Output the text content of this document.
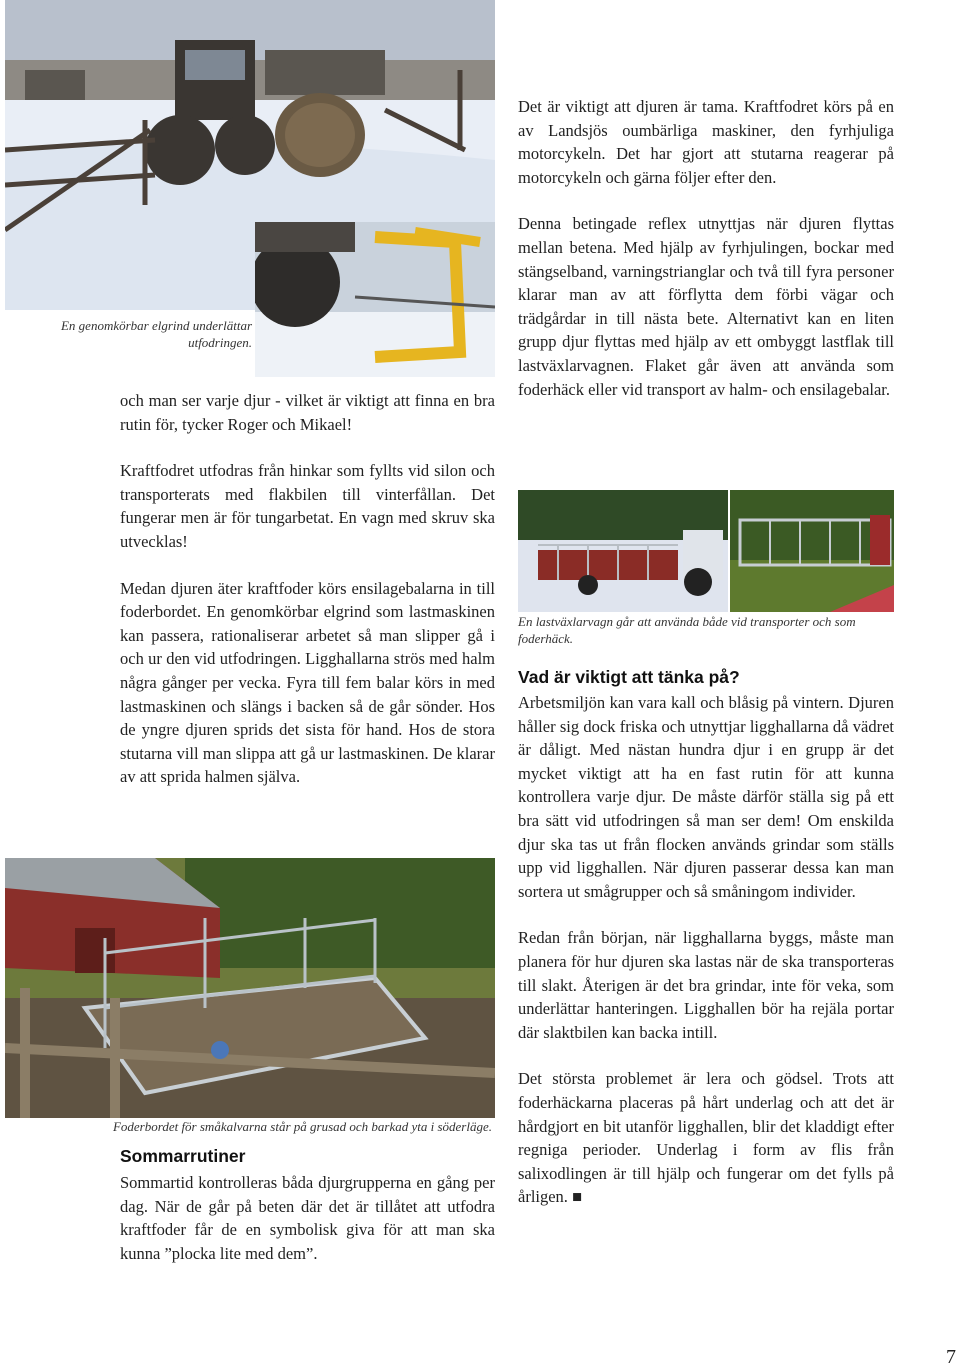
En genomkörbar elgrind underlättar utfodringen.

och man ser varje djur - vilket är viktigt att finna en bra rutin för, tycker Roger och Mikael!

Kraftfodret utfodras från hinkar som fyllts vid silon och transporterats med flakbilen till vinterfållan. Det fungerar men är för tungarbetat. En vagn med skruv ska utvecklas!

Medan djuren äter kraftfoder körs ensilagebalarna in till foderbordet. En genomkörbar elgrind som lastmaskinen kan passera, rationaliserar arbetet så man slipper gå i och ur den vid utfodringen. Ligghallarna strös med halm några gånger per vecka. Fyra till fem balar körs in med lastmaskinen och slängs i backen så de går sönder. Hos de yngre djuren sprids det sista för hand. Hos de stora stutarna vill man slippa att gå ur lastmaskinen. De klarar av att sprida halmen själva.

Foderbordet för småkalvarna står på grusad och barkad yta i söderläge.
Sommarrutiner
Sommartid kontrolleras båda djurgrupperna en gång per dag. När de går på beten där det är tillåtet att utfodra kraftfoder får de en symbolisk giva för att man ska kunna ”plocka lite med dem”.

Det är viktigt att djuren är tama. Kraftfodret körs på en av Landsjös oumbärliga maskiner, den fyrhjuliga motorcykeln. Det har gjort att stutarna reagerar på motorcykeln och gärna följer efter den.

Denna betingade reflex utnyttjas när djuren flyttas mellan betena. Med hjälp av fyrhjulingen, bockar med stängselband, varningstrianglar och två till fyra personer klarar man av att förflytta dem förbi vägar och trädgårdar in till nästa bete. Alternativt kan en liten grupp djur flyttas med hjälp av ett ombyggt lastflak till lastväxlarvagnen. Flaket går även att använda som foderhäck eller vid transport av halm- och ensilagebalar.

En lastväxlarvagn går att använda både vid transporter och som foderhäck.
Vad är viktigt att tänka på?

Arbetsmiljön kan vara kall och blåsig på vintern. Djuren håller sig dock friska och utnyttjar ligghallarna då vädret är dåligt. Med nästan hundra djur i en grupp är det mycket viktigt att ha en fast rutin för att kunna kontrollera varje djur. De måste därför ställa sig på ett bra sätt vid utfodringen så man ser dem! Om enskilda djur ska tas ut från flocken används grindar som ställs upp vid ligghallen. När djuren passerar dessa kan man sortera ut smågrupper och så småningom individer.

Redan från början, när ligghallarna byggs, måste man planera för hur djuren ska lastas när de ska transporteras till slakt. Återigen är det bra grindar, inte för veka, som underlättar hanteringen. Ligghallen bör ha rejäla portar där slaktbilen kan backa intill.

Det största problemet är lera och gödsel. Trots att foderhäckarna placeras på hårt underlag och att det är hårdgjort en bit utanför ligghallen, blir det kladdigt efter regniga perioder. Underlag i form av flis från salixodlingen är till hjälp och fungerar om det fylls på årligen. ■

7
